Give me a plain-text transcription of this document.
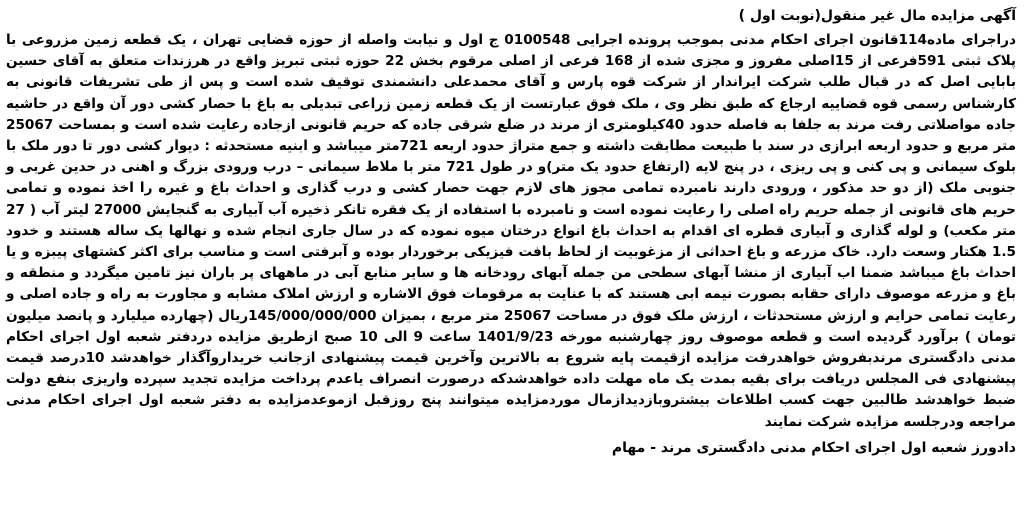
آگهی مزایده مال غیر منقول(نوبت اول )
دراجرای ماده114قانون اجرای احکام مدنی بموجب پرونده اجرایی 0100548 ج اول و نیابت واصله از حوزه قضایی تهران ، یک قطعه زمین مزروعی با پلاک ثبتی 591فرعی از 15اصلی مفروز و مجزی شده از 168 فرعی از اصلی مرقوم بخش 22 حوزه ثبتی تبریز واقع در هرزندات متعلق به آقای حسین بابایی اصل که در قبال طلب شرکت ایراندار از شرکت قوه پارس و آقای محمدعلی دانشمندی توقیف شده است و پس از طی تشریفات قانونی به کارشناس رسمی قوه قضاییه ارجاع که طبق نظر وی ، ملک فوق عبارتست از یک قطعه زمین زراعی تبدیلی به باغ با حصار کشی دور آن واقع در حاشیه جاده مواصلاتی رفت مرند به جلفا به فاصله حدود 40کیلومتری از مرند در ضلع شرقی جاده که حریم قانونی ازجاده رعایت شده است و بمساحت 25067 متر مربع و حدود اربعه ابرازی در سند با طبیعت مطابقت داشته و جمع متراژ حدود اربعه 721متر میباشد و ابنیه مستحدثه : دیوار کشی دور تا دور ملک با بلوک سیمانی و پی کنی و پی ریزی ، در پنج لایه (ارتفاع حدود یک متر)و در طول 721 متر با ملاط سیمانی – درب ورودی بزرگ و اهنی در حدین غربی و جنوبی ملک (از دو حد مذکور ، ورودی دارند نامبرده تمامی مجوز های لازم جهت حصار کشی و درب گذاری و احداث باغ و غیره را اخذ نموده و تمامی حریم های قانونی از جمله حریم راه اصلی را رعایت نموده است و نامبرده با استفاده از یک فقره تانکر ذخیره آب آبیاری به گنجایش 27000 لیتر آب ( 27 متر مکعب) و لوله گذاری و آبیاری قطره ای اقدام به احداث باغ انواع درختان میوه نموده که در سال جاری انجام شده و نهالها یک ساله هستند و خدود 1.5 هکتار وسعت دارد. خاک مزرعه و باغ احداثی از مزغوبیت از لحاظ بافت فیزیکی برخوردار بوده و آبرفتی است و مناسب برای اکثر کشتهای پیبزه و یا احداث باغ میباشد ضمنا اب آبیاری از منشا آبهای سطحی من جمله آبهای رودخانه ها و سایر منابع آبی در ماههای پر باران نیز تامین میگردد و منطقه و باغ و مزرعه موصوف دارای حقابه بصورت نیمه ابی هستند که با عنایت به مرقومات فوق الاشاره و ارزش املاک مشابه و مجاورت به راه و جاده اصلی و رعایت تمامی حرایم و ارزش مستحدثات ، ارزش ملک فوق در مساحت 25067 متر مربع ، بمیزان 145/000/000/000ریال (چهارده میلیارد و پانصد میلیون تومان ) برآورد گردیده است و قطعه موصوف روز چهارشنبه مورخه 1401/9/23 ساعت 9 الی 10 صبح ازطریق مزایده دردفتر شعبه اول اجرای احکام مدنی دادگستری مرندبفروش خواهدرفت مزایده ازقیمت پایه شروع به بالاترین وآخرین قیمت پیشنهادی ازجانب خریداروآگذار خواهدشد 10درصد قیمت پیشنهادی فی المجلس دریافت برای بقیه بمدت یک ماه مهلت داده خواهدشدکه درصورت انصراف یاعدم پرداخت مزایده تجدید سپرده واریزی بنفع دولت ضبط خواهدشد طالبین جهت کسب اطلاعات بیشتروبازدیدازمال موردمزایده میتوانند پنج روزقبل ازموعدمزایده به دفتر شعبه اول اجرای احکام مدنی مراجعه ودرجلسه مزایده شرکت نمایند
دادورز شعبه اول اجرای احکام مدنی دادگستری مرند - مهام
